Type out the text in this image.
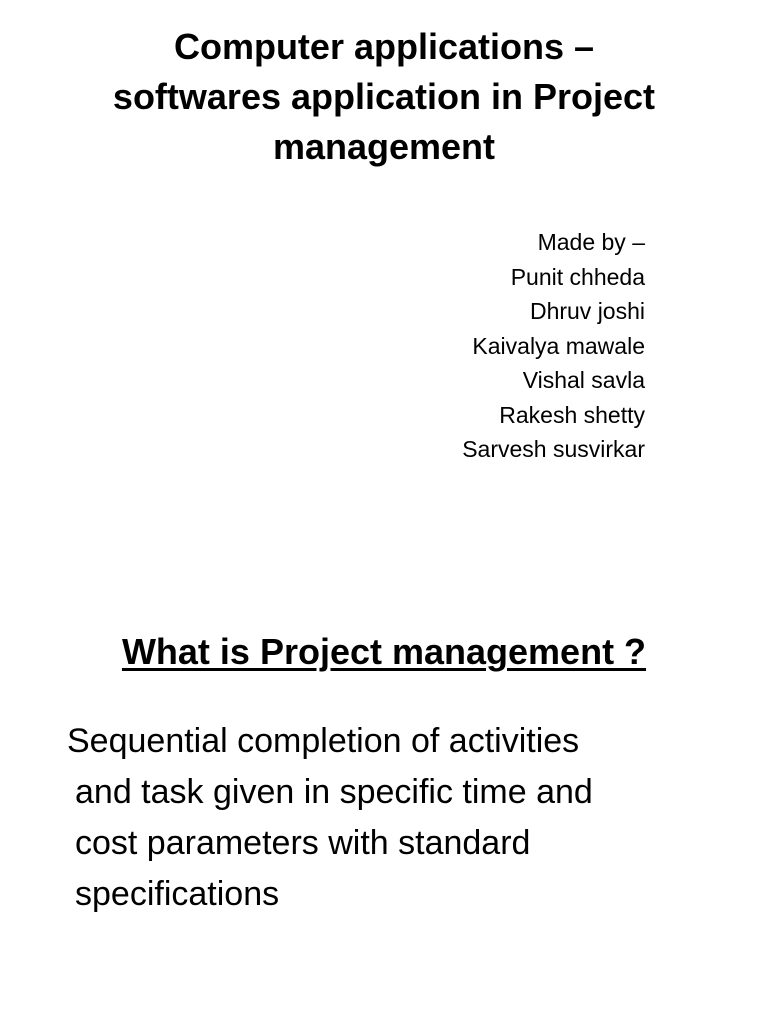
Computer applications –
softwares application in Project
management
Made by –
Punit chheda
Dhruv joshi
Kaivalya mawale
Vishal savla
Rakesh shetty
Sarvesh susvirkar
What is Project management ?

Sequential completion of activities
and task given in specific time and
cost parameters with standard
specifications
